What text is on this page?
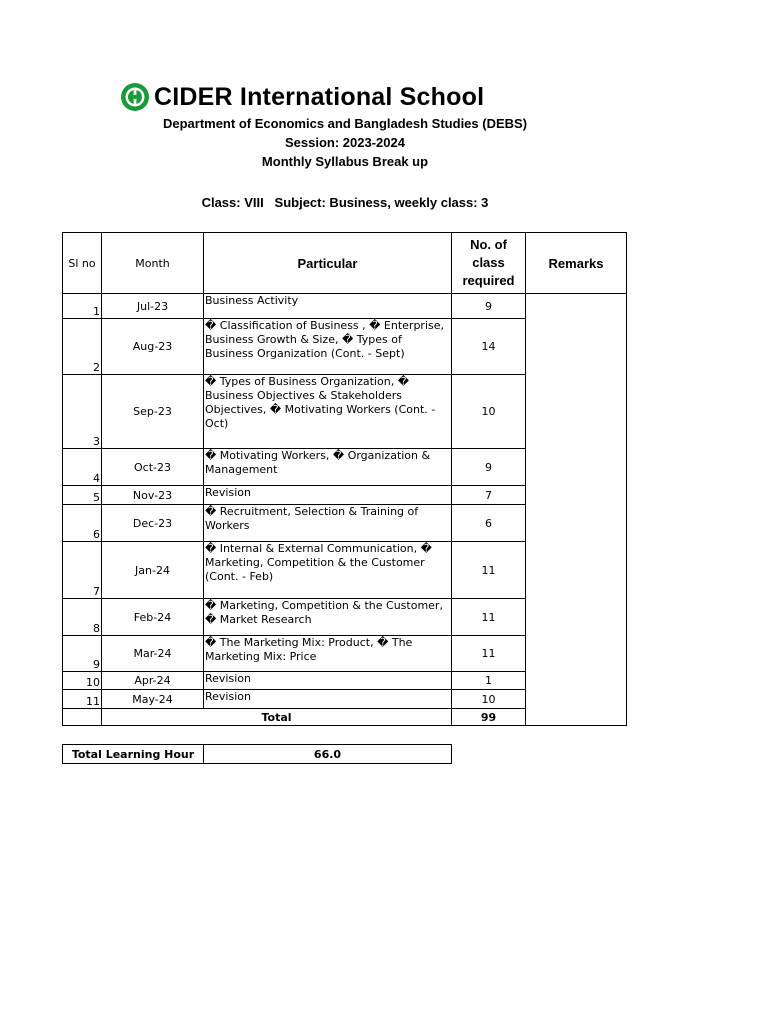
CIDER International School
Department of Economics and Bangladesh Studies (DEBS)
Session: 2023-2024
Monthly Syllabus Break up
Class: VIII   Subject: Business, weekly class: 3
Sl no	Month	Particular	No. of class required	Remarks
1	Jul-23	Business Activity	9	
2	Aug-23	� Classification of Business , � Enterprise, Business Growth & Size, � Types of Business Organization (Cont. - Sept)	14	
3	Sep-23	� Types of Business Organization, � Business Objectives & Stakeholders Objectives, � Motivating Workers (Cont. - Oct)	10	
4	Oct-23	� Motivating Workers, � Organization & Management	9	
5	Nov-23	Revision	7	
6	Dec-23	� Recruitment, Selection & Training of Workers	6	
7	Jan-24	� Internal & External Communication, � Marketing, Competition & the Customer (Cont. - Feb)	11	
8	Feb-24	� Marketing, Competition & the Customer, � Market Research	11	
9	Mar-24	� The Marketing Mix: Product, � The Marketing Mix: Price	11	
10	Apr-24	Revision	1	
11	May-24	Revision	10	
	Total		99	
Total Learning Hour	66.0
